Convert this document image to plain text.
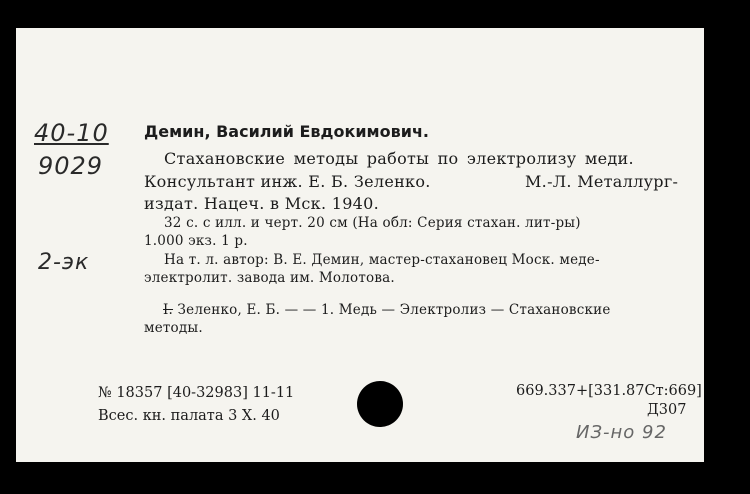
40-10
9029
2-эк
Демин, Василий Евдокимович.
Стахановские методы работы по электролизу меди.
Консультант инж. Е. Б. Зеленко.	М.-Л. Металлург-
издат. Нацеч. в Мск. 1940.
32 с. с илл. и черт. 20 см (На обл: Серия стахан. лит-ры)
1.000 экз. 1 р.
На т. л. автор: В. Е. Демин, мастер-стахановец Моск. меде-
электролит. завода им. Молотова.
I. Зеленко, Е. Б. — — 1. Медь — Электролиз — Стахановские
методы.
№ 18357 [40-32983] 11-11
Всес. кн. палата 3 X. 40
669.337+[331.87Ст:669]
Д307
ИЗ-но 92
